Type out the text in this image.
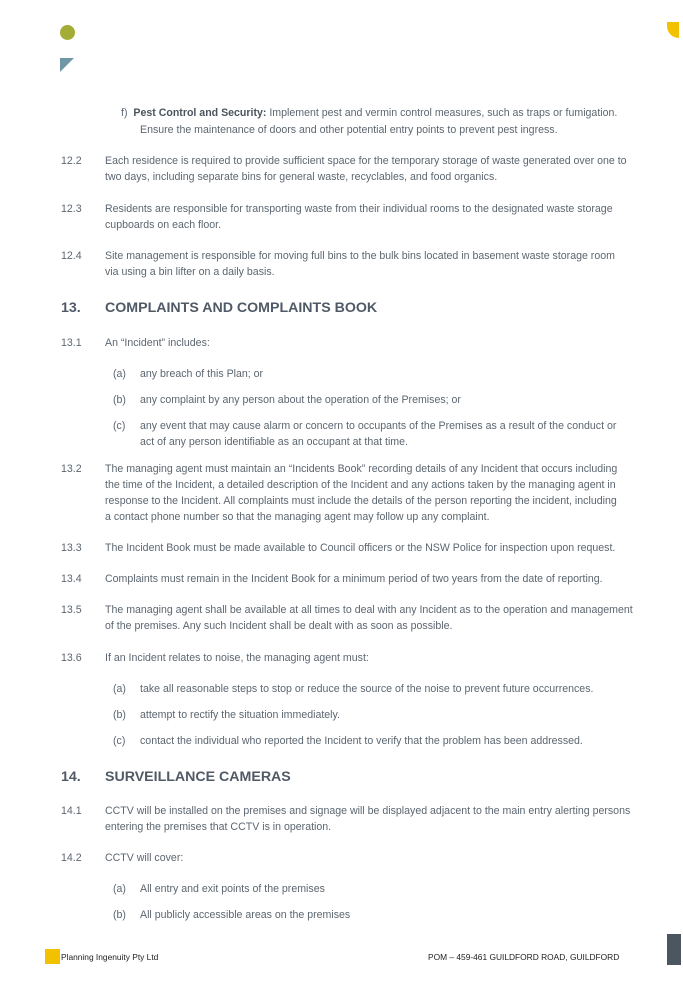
f) Pest Control and Security: Implement pest and vermin control measures, such as traps or fumigation.
Ensure the maintenance of doors and other potential entry points to prevent pest ingress.
12.2 Each residence is required to provide sufficient space for the temporary storage of waste generated over one to
two days, including separate bins for general waste, recyclables, and food organics.
12.3 Residents are responsible for transporting waste from their individual rooms to the designated waste storage
cupboards on each floor.
12.4 Site management is responsible for moving full bins to the bulk bins located in basement waste storage room
via using a bin lifter on a daily basis.
13. COMPLAINTS AND COMPLAINTS BOOK
13.1 An “Incident” includes:
(a) any breach of this Plan; or
(b) any complaint by any person about the operation of the Premises; or
(c) any event that may cause alarm or concern to occupants of the Premises as a result of the conduct or
act of any person identifiable as an occupant at that time.
13.2 The managing agent must maintain an “Incidents Book” recording details of any Incident that occurs including
the time of the Incident, a detailed description of the Incident and any actions taken by the managing agent in
response to the Incident. All complaints must include the details of the person reporting the incident, including
a contact phone number so that the managing agent may follow up any complaint.
13.3 The Incident Book must be made available to Council officers or the NSW Police for inspection upon request.
13.4 Complaints must remain in the Incident Book for a minimum period of two years from the date of reporting.
13.5 The managing agent shall be available at all times to deal with any Incident as to the operation and management
of the premises. Any such Incident shall be dealt with as soon as possible.
13.6 If an Incident relates to noise, the managing agent must:
(a) take all reasonable steps to stop or reduce the source of the noise to prevent future occurrences.
(b) attempt to rectify the situation immediately.
(c) contact the individual who reported the Incident to verify that the problem has been addressed.
14. SURVEILLANCE CAMERAS
14.1 CCTV will be installed on the premises and signage will be displayed adjacent to the main entry alerting persons
entering the premises that CCTV is in operation.
14.2 CCTV will cover:
(a) All entry and exit points of the premises
(b) All publicly accessible areas on the premises
Planning Ingenuity Pty Ltd	POM – 459-461 GUILDFORD ROAD, GUILDFORD
